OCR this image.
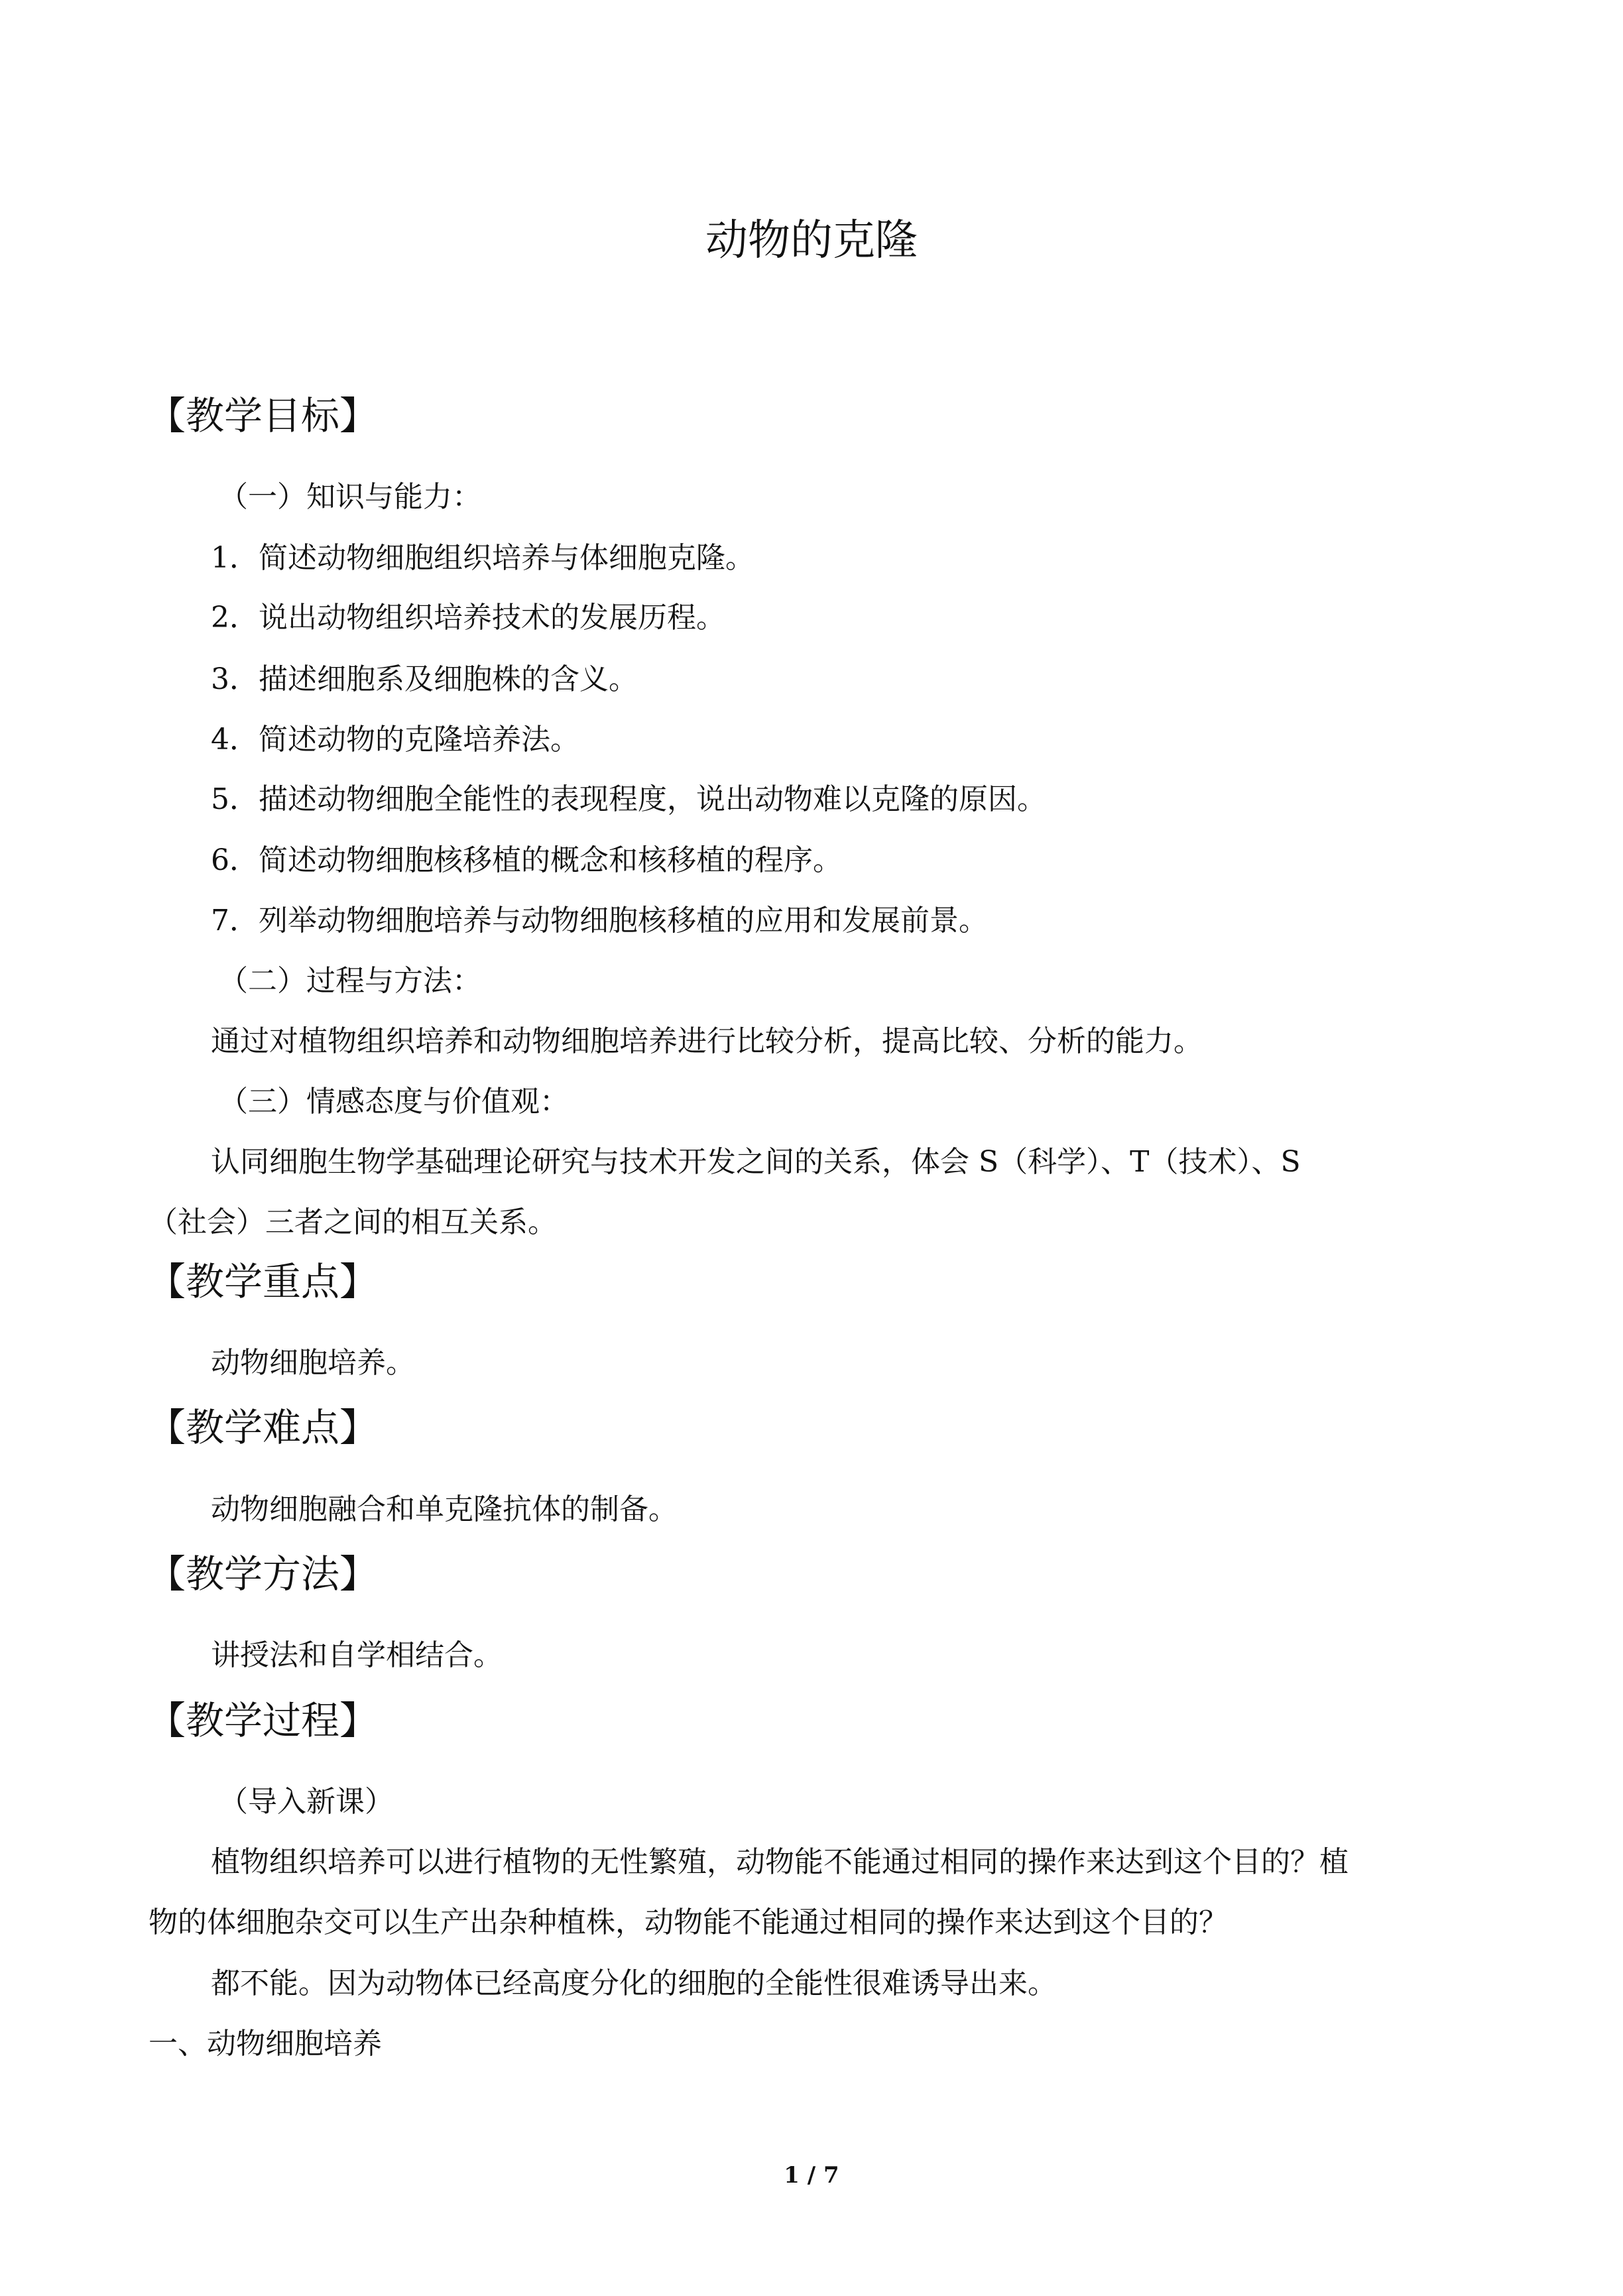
动物的克隆
【教学目标】
（一）知识与能力：
1．简述动物细胞组织培养与体细胞克隆。
2．说出动物组织培养技术的发展历程。
3．描述细胞系及细胞株的含义。
4．简述动物的克隆培养法。
5．描述动物细胞全能性的表现程度，说出动物难以克隆的原因。
6．简述动物细胞核移植的概念和核移植的程序。
7．列举动物细胞培养与动物细胞核移植的应用和发展前景。
（二）过程与方法：
通过对植物组织培养和动物细胞培养进行比较分析，提高比较、分析的能力。
（三）情感态度与价值观：
认同细胞生物学基础理论研究与技术开发之间的关系，体会 S（科学）、T（技术）、S
（社会）三者之间的相互关系。
【教学重点】
动物细胞培养。
【教学难点】
动物细胞融合和单克隆抗体的制备。
【教学方法】
讲授法和自学相结合。
【教学过程】
（导入新课）
植物组织培养可以进行植物的无性繁殖，动物能不能通过相同的操作来达到这个目的？植
物的体细胞杂交可以生产出杂种植株，动物能不能通过相同的操作来达到这个目的？
都不能。因为动物体已经高度分化的细胞的全能性很难诱导出来。
一、动物细胞培养
1 / 7
